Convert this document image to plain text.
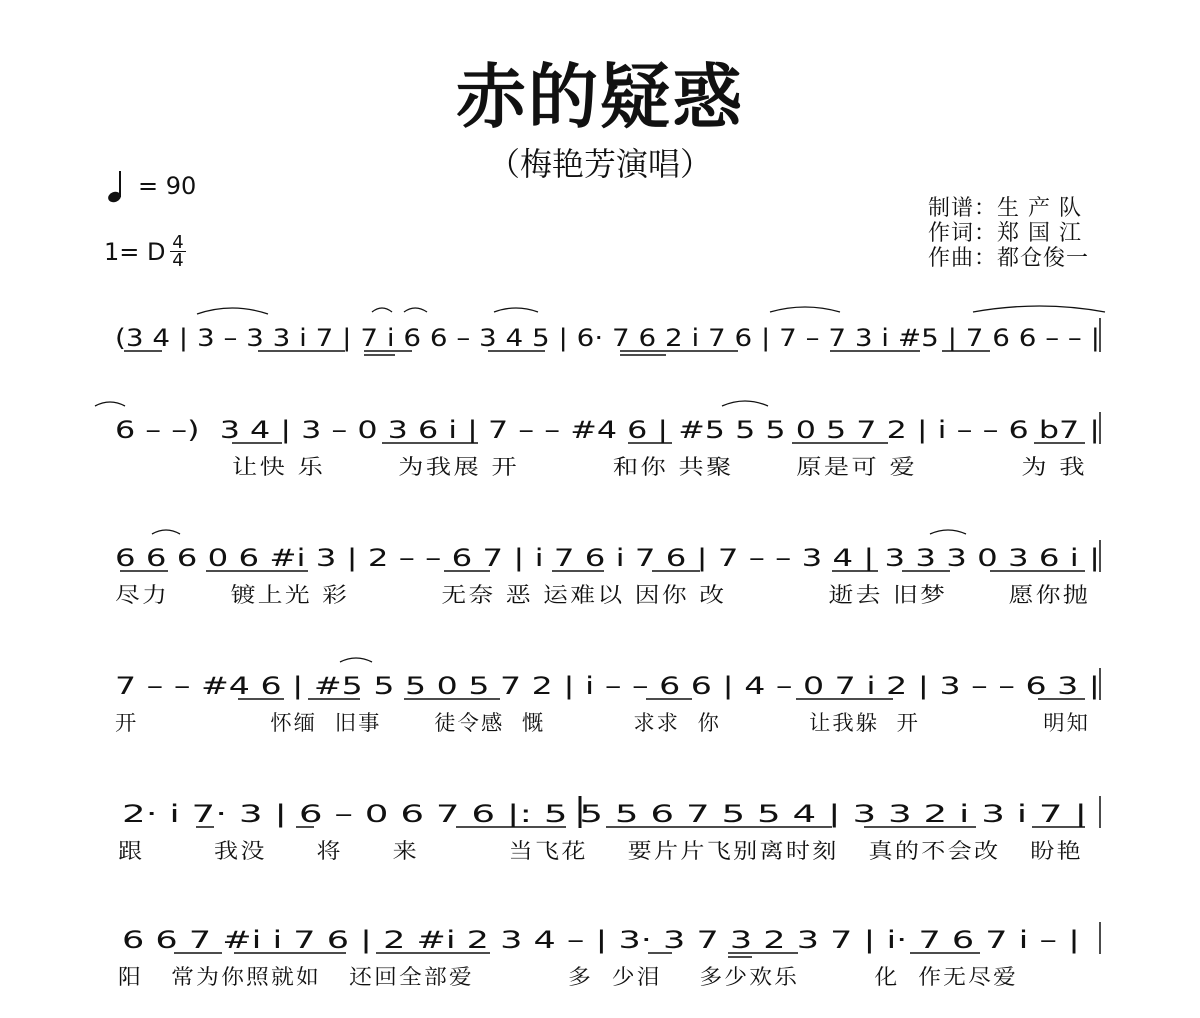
赤的疑惑
（梅艳芳演唱）
= 90
1= D 4
4
制谱：生 产 队
作词：郑 国 江
作曲：都仓俊一
(3 4 | 3 – 3 3 i 7 | 7 i 6 6 – 3 4 5 | 6· 7 6 2 i 7 6 | 7 – 7 3 i #5 | 7 6 6 – – |
6 – –)  3 4 | 3 – 0 3 6 i | 7 – – #4 6 | #5 5 5 0 5 7 2 | i – – 6 b7 |
让快 乐       为我展 开         和你 共聚      原是可 爱          为 我
6 6 6 0 6 #i 3 | 2 – – 6 7 | i 7 6 i 7 6 | 7 – – 3 4 | 3 3 3 0 3 6 i |
尽力      镀上光 彩         无奈 恶 运难以 因你 改          逝去 旧梦      愿你抛
7 – – #4 6 | #5 5 5 0 5 7 2 | i – – 6 6 | 4 – 0 7 i 2 | 3 – – 6 3 |
开               怀缅  旧事      徒令感  慨          求求  你          让我躲  开              明知
2· i 7· 3 | 6 – 0 6 7 6 |: 5 5 5 6 7 5 5 4 | 3 3 2 i 3 i 7 |
跟       我没     将     来         当飞花    要片片飞别离时刻   真的不会改   盼艳
6 6 7 #i i 7 6 | 2 #i 2 3 4 – | 3· 3 7 3 2 3 7 | i· 7 6 7 i – |
阳   常为你照就如   还回全部爱          多  少泪    多少欢乐        化  作无尽爱
